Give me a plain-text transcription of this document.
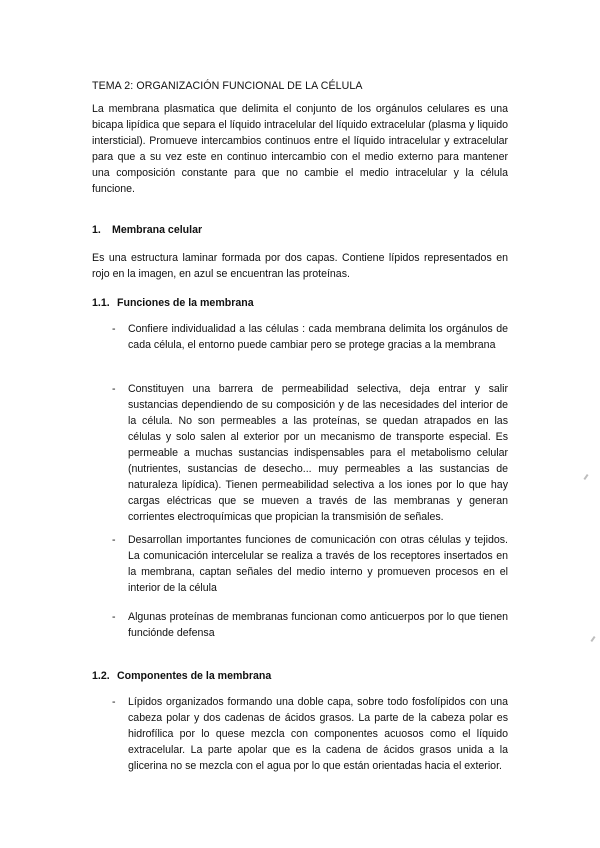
TEMA 2: ORGANIZACIÓN FUNCIONAL DE LA CÉLULA
La membrana plasmatica que delimita el conjunto de los orgánulos celulares es una bicapa lipídica que separa el líquido intracelular del líquido extracelular (plasma y liquido intersticial). Promueve intercambios continuos entre el líquido intracelular y extracelular para que a su vez este en continuo intercambio con el medio externo para mantener una composición constante para que no cambie el medio intracelular y la célula funcione.
1. Membrana celular
Es una estructura laminar formada por dos capas. Contiene lípidos representados en rojo en la imagen, en azul se encuentran las proteínas.
1.1. Funciones de la membrana
- Confiere individualidad a las células : cada membrana delimita los orgánulos de cada célula, el entorno puede cambiar pero se protege gracias a la membrana
- Constituyen una barrera de permeabilidad selectiva, deja entrar y salir sustancias dependiendo de su composición y de las necesidades del interior de la célula. No son permeables a las proteínas, se quedan atrapados en las células y solo salen al exterior por un mecanismo de transporte especial. Es permeable a muchas sustancias indispensables para el metabolismo celular (nutrientes, sustancias de desecho... muy permeables a las sustancias de naturaleza lipídica). Tienen permeabilidad selectiva a los iones por lo que hay cargas eléctricas que se mueven a través de las membranas y generan corrientes electroquímicas que propician la transmisión de señales.
- Desarrollan importantes funciones de comunicación con otras células y tejidos. La comunicación intercelular se realiza a través de los receptores insertados en la membrana, captan señales del medio interno y promueven procesos en el interior de la célula
- Algunas proteínas de membranas funcionan como anticuerpos por lo que tienen funciónde defensa
1.2. Componentes de la membrana
- Lípidos organizados formando una doble capa, sobre todo fosfolípidos con una cabeza polar y dos cadenas de ácidos grasos. La parte de la cabeza polar es hidrofílica por lo quese mezcla con componentes acuosos como el líquido extracelular. La parte apolar que es la cadena de ácidos grasos unida a la glicerina no se mezcla con el agua por lo que están orientadas hacia el exterior.
